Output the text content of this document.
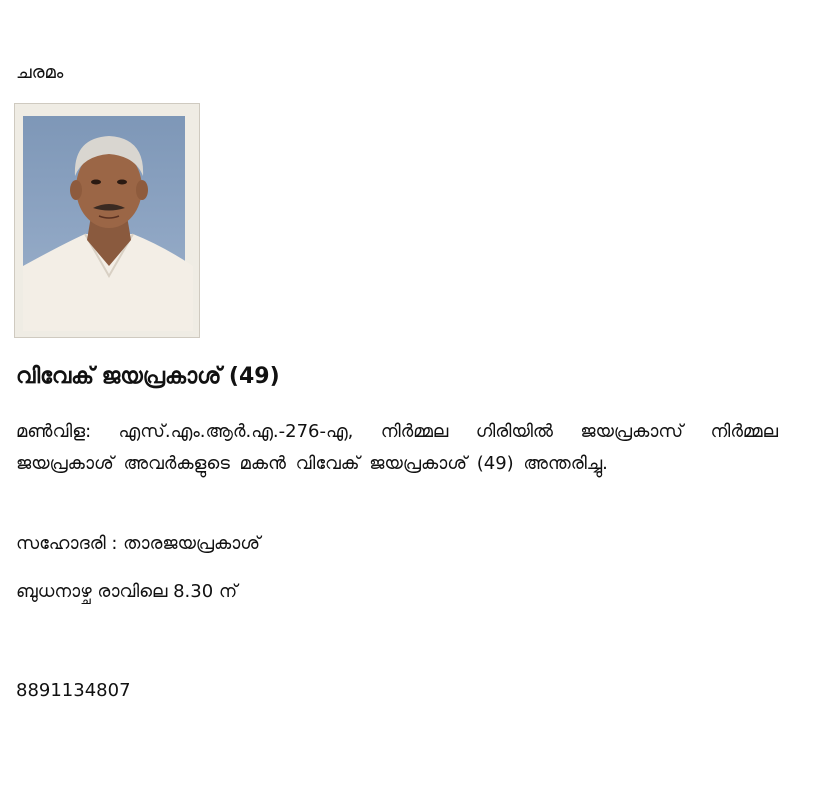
ചരമം
വിവേക് ജയപ്രകാശ് (49)
മൺവിള: എസ്.എം.ആർ.എ.-276-എ, നിർമ്മല ഗിരിയിൽ ജയപ്രകാസ് നിർമ്മല ജയപ്രകാശ് അവർകളുടെ മകൻ വിവേക് ജയപ്രകാശ് (49) അന്തരിച്ചു.
സഹോദരി : താരജയപ്രകാശ്
ബുധനാഴ്ച രാവിലെ 8.30 ന്
8891134807
